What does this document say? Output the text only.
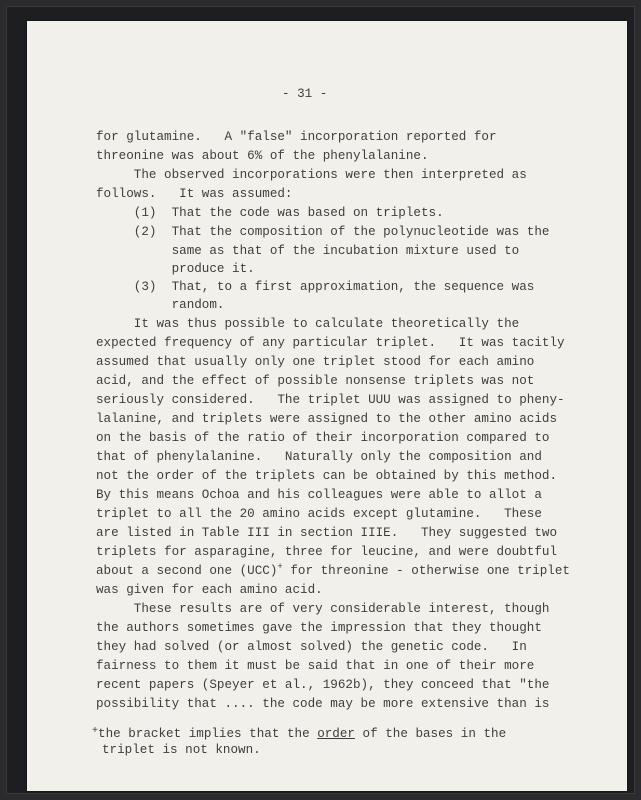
- 31 -
for glutamine.   A "false" incorporation reported for
threonine was about 6% of the phenylalanine.
The observed incorporations were then interpreted as
follows.   It was assumed:
(1)  That the code was based on triplets.
(2)  That the composition of the polynucleotide was the
same as that of the incubation mixture used to
produce it.
(3)  That, to a first approximation, the sequence was
random.
It was thus possible to calculate theoretically the
expected frequency of any particular triplet.   It was tacitly
assumed that usually only one triplet stood for each amino
acid, and the effect of possible nonsense triplets was not
seriously considered.   The triplet UUU was assigned to pheny-
lalanine, and triplets were assigned to the other amino acids
on the basis of the ratio of their incorporation compared to
that of phenylalanine.   Naturally only the composition and
not the order of the triplets can be obtained by this method.
By this means Ochoa and his colleagues were able to allot a
triplet to all the 20 amino acids except glutamine.   These
are listed in Table III in section IIIE.   They suggested two
triplets for asparagine, three for leucine, and were doubtful
about a second one (UCC)+ for threonine - otherwise one triplet
was given for each amino acid.
These results are of very considerable interest, though
the authors sometimes gave the impression that they thought
they had solved (or almost solved) the genetic code.   In
fairness to them it must be said that in one of their more
recent papers (Speyer et al., 1962b), they conceed that "the
possibility that .... the code may be more extensive than is
+the bracket implies that the order of the bases in the
triplet is not known.
